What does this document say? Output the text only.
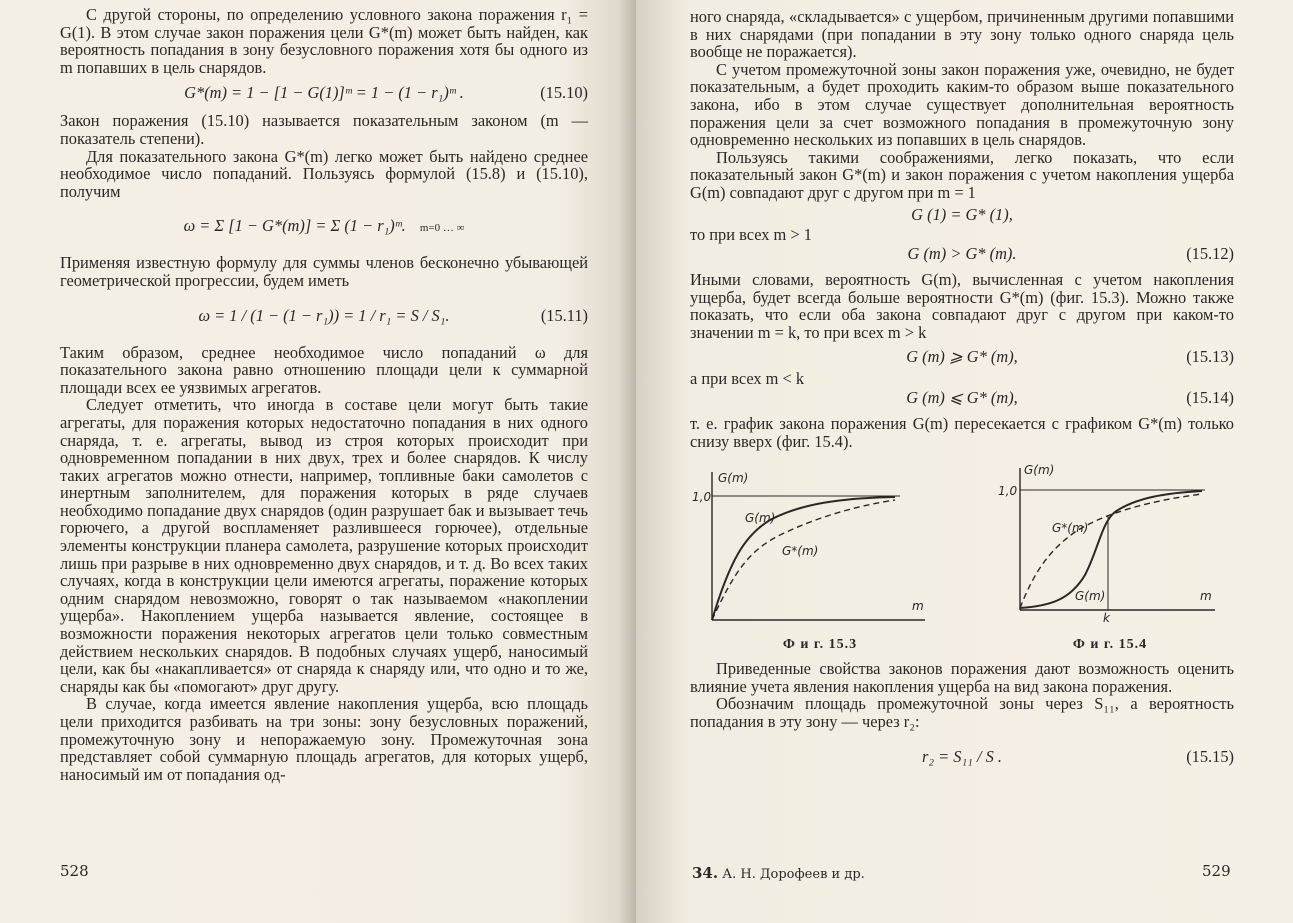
С другой стороны, по определению условного закона поражения r₁ = G(1). В этом случае закон поражения цели G*(m) может быть найден, как вероятность попадания в зону безусловного поражения хотя бы одного из m попавших в цель снарядов.

G*(m) = 1 − [1 − G(1)]ᵐ = 1 − (1 − r₁)ᵐ .	(15.10)

Закон поражения (15.10) называется показательным законом (m — показатель степени).

Для показательного закона G*(m) легко может быть найдено среднее необходимое число попаданий. Пользуясь формулой (15.8) и (15.10), получим

ω = Σ [1 − G*(m)] = Σ (1 − r₁)ᵐ. m=0 … ∞

Применяя известную формулу для суммы членов бесконечно убывающей геометрической прогрессии, будем иметь

ω = 1 / (1 − (1 − r₁)) = 1 / r₁ = S / S₁.	(15.11)

Таким образом, среднее необходимое число попаданий ω для показательного закона равно отношению площади цели к суммарной площади всех ее уязвимых агрегатов.

Следует отметить, что иногда в составе цели могут быть такие агрегаты, для поражения которых недостаточно попадания в них одного снаряда, т. е. агрегаты, вывод из строя которых происходит при одновременном попадании в них двух, трех и более снарядов. К числу таких агрегатов можно отнести, например, топливные баки самолетов с инертным заполнителем, для поражения которых в ряде случаев необходимо попадание двух снарядов (один разрушает бак и вызывает течь горючего, а другой воспламеняет разлившееся горючее), отдельные элементы конструкции планера самолета, разрушение которых происходит лишь при разрыве в них одновременно двух снарядов, и т. д. Во всех таких случаях, когда в конструкции цели имеются агрегаты, поражение которых одним снарядом невозможно, говорят о так называемом «накоплении ущерба». Накоплением ущерба называется явление, состоящее в возможности поражения некоторых агрегатов цели только совместным действием нескольких снарядов. В подобных случаях ущерб, наносимый цели, как бы «накапливается» от снаряда к снаряду или, что одно и то же, снаряды как бы «помогают» друг другу.

В случае, когда имеется явление накопления ущерба, всю площадь цели приходится разбивать на три зоны: зону безусловных поражений, промежуточную зону и непоражаемую зону. Промежуточная зона представляет собой суммарную площадь агрегатов, для которых ущерб, наносимый им от попадания од-

528

ного снаряда, «складывается» с ущербом, причиненным другими попавшими в них снарядами (при попадании в эту зону только одного снаряда цель вообще не поражается).

С учетом промежуточной зоны закон поражения уже, очевидно, не будет показательным, а будет проходить каким-то образом выше показательного закона, ибо в этом случае существует дополнительная вероятность поражения цели за счет возможного попадания в промежуточную зону одновременно нескольких из попавших в цель снарядов.

Пользуясь такими соображениями, легко показать, что если показательный закон G*(m) и закон поражения с учетом накопления ущерба G(m) совпадают друг с другом при m = 1

G (1) = G* (1),

то при всех m > 1

G (m) > G* (m).	(15.12)

Иными словами, вероятность G(m), вычисленная с учетом накопления ущерба, будет всегда больше вероятности G*(m) (фиг. 15.3). Можно также показать, что если оба закона совпадают друг с другом при каком-то значении m = k, то при всех m > k

G (m) ⩾ G* (m),	(15.13)

а при всех m < k

G (m) ⩽ G* (m),	(15.14)

т. е. график закона поражения G(m) пересекается с графиком G*(m) только снизу вверх (фиг. 15.4).

G(m)
1,0
G(m)
G*(m)
m
Ф и г. 15.3
G(m)
1,0
G*(m)
G(m)
k
m
Ф и г. 15.4

Приведенные свойства законов поражения дают возможность оценить влияние учета явления накопления ущерба на вид закона поражения.

Обозначим площадь промежуточной зоны через S₁₁, а вероятность попадания в эту зону — через r₂:

r₂ = S₁₁ / S .	(15.15)
34. А. Н. Дорофеев и др.	529
